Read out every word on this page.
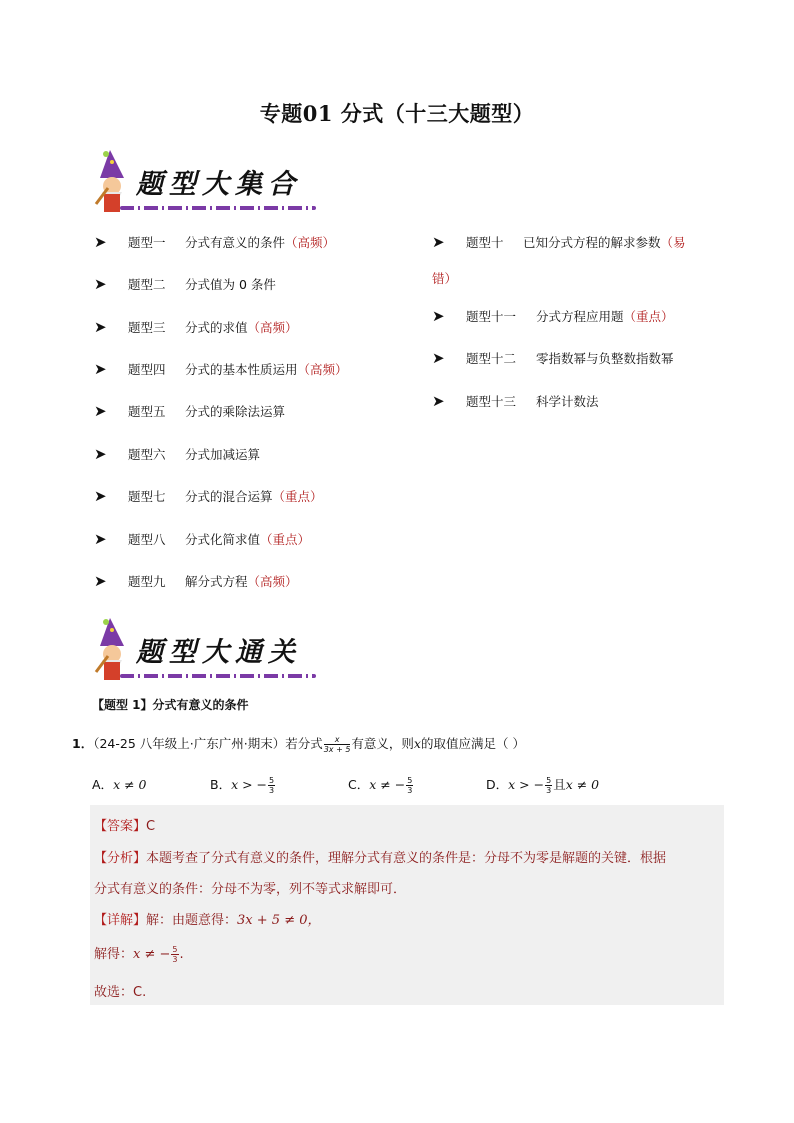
专题01 分式（十三大题型）
题型大集合
➤ 题型一 分式有意义的条件（高频）
➤ 题型二 分式值为 0 条件
➤ 题型三 分式的求值（高频）
➤ 题型四 分式的基本性质运用（高频）
➤ 题型五 分式的乘除法运算
➤ 题型六 分式加减运算
➤ 题型七 分式的混合运算（重点）
➤ 题型八 分式化简求值（重点）
➤ 题型九 解分式方程（高频）
➤ 题型十 已知分式方程的解求参数（易
错）
➤ 题型十一 分式方程应用题（重点）
➤ 题型十二 零指数幂与负整数指数幂
➤ 题型十三 科学计数法
题型大通关
【题型 1】分式有意义的条件
1．（24-25 八年级上·广东广州·期末）若分式 $\frac{x}{3x + 5}$ 有意义，则x的取值应满足（ ）
A．x ≠ 0	B．x > − $\frac{5}{3}$	C．x ≠ − $\frac{5}{3}$	D．x > − $\frac{5}{3}$ 且x ≠ 0
【答案】C
【分析】本题考查了分式有意义的条件，理解分式有意义的条件是：分母不为零是解题的关键．根据
分式有意义的条件：分母不为零，列不等式求解即可．
【详解】解：由题意得：3x + 5 ≠ 0，
解得：x ≠ − $\frac{5}{3}$ .
故选：C.
